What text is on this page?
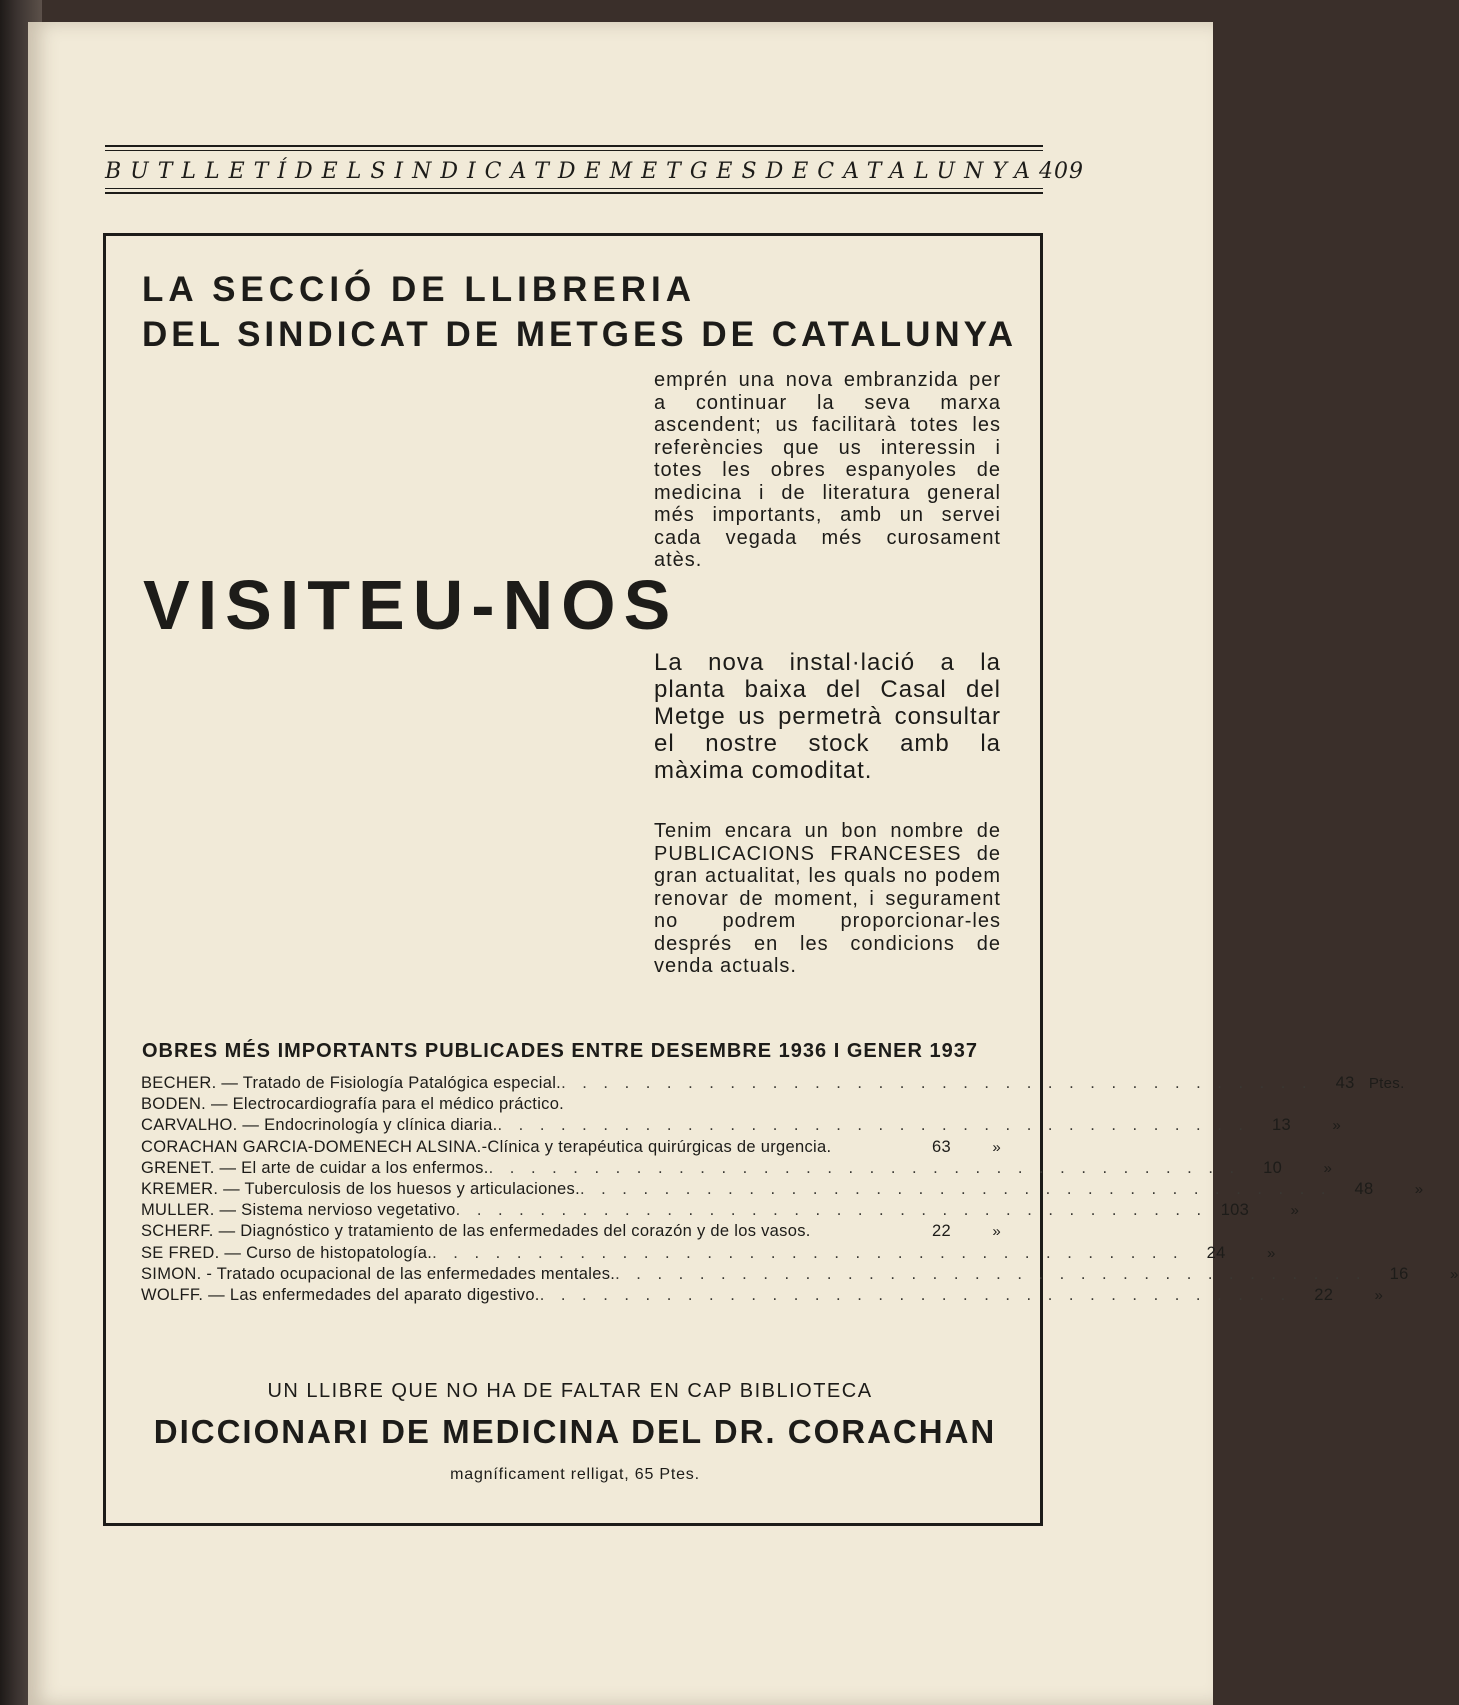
BUTLLETÍ DEL SINDICAT DE METGES DE CATALUNYA 409
LA SECCIÓ DE LLIBRERIA
DEL SINDICAT DE METGES DE CATALUNYA
emprén una nova embranzida per a continuar la seva marxa ascendent; us facilitarà totes les referències que us interessin i totes les obres espanyoles de medicina i de literatura general més importants, amb un servei cada vegada més curosament atès.
VISITEU-NOS
La nova instal·lació a la planta baixa del Casal del Metge us permetrà consultar el nostre stock amb la màxima comoditat.
Tenim encara un bon nombre de PUBLICACIONS FRANCESES de gran actualitat, les quals no podem renovar de moment, i segurament no podrem proporcionar-les després en les condicions de venda actuals.
OBRES MÉS IMPORTANTS PUBLICADES ENTRE DESEMBRE 1936 I GENER 1937
BECHER. — Tratado de Fisiología Patalógica especial. . . . . . . . . . . . . . . . . . . . . . . . . . . . . . . . . . . . .	43 Ptes.
BODEN. — Electrocardiografía para el médico práctico.
CARVALHO. — Endocrinología y clínica diaria. . . . . . . . . . . . . . . . . . . . . . . . . . . . . . . . . . . . .	13	»
CORACHAN GARCIA-DOMENECH ALSINA.-Clínica y terapéutica quirúrgicas de urgencia.	63	»
GRENET. — El arte de cuidar a los enfermos. . . . . . . . . . . . . . . . . . . . . . . . . . . . . . . . . . . . .	10	»
KREMER. — Tuberculosis de los huesos y articulaciones. . . . . . . . . . . . . . . . . . . . . . . . . . . . . . . . . . . . .	48	»
MULLER. — Sistema nervioso vegetativo . . . . . . . . . . . . . . . . . . . . . . . . . . . . . . . . . . . . 103	»
SCHERF. — Diagnóstico y tratamiento de las enfermedades del corazón y de los vasos.	22	»
SE FRED. — Curso de histopatología. . . . . . . . . . . . . . . . . . . . . . . . . . . . . . . . . . . . .	24	»
SIMON. - Tratado ocupacional de las enfermedades mentales. . . . . . . . . . . . . . . . . . . . . . . . . . . . . . . . . . . . .	16	»
WOLFF. — Las enfermedades del aparato digestivo. . . . . . . . . . . . . . . . . . . . . . . . . . . . . . . . . . . . .	22	»
UN LLIBRE QUE NO HA DE FALTAR EN CAP BIBLIOTECA
DICCIONARI DE MEDICINA DEL DR. CORACHAN
magníficament relligat, 65 Ptes.
